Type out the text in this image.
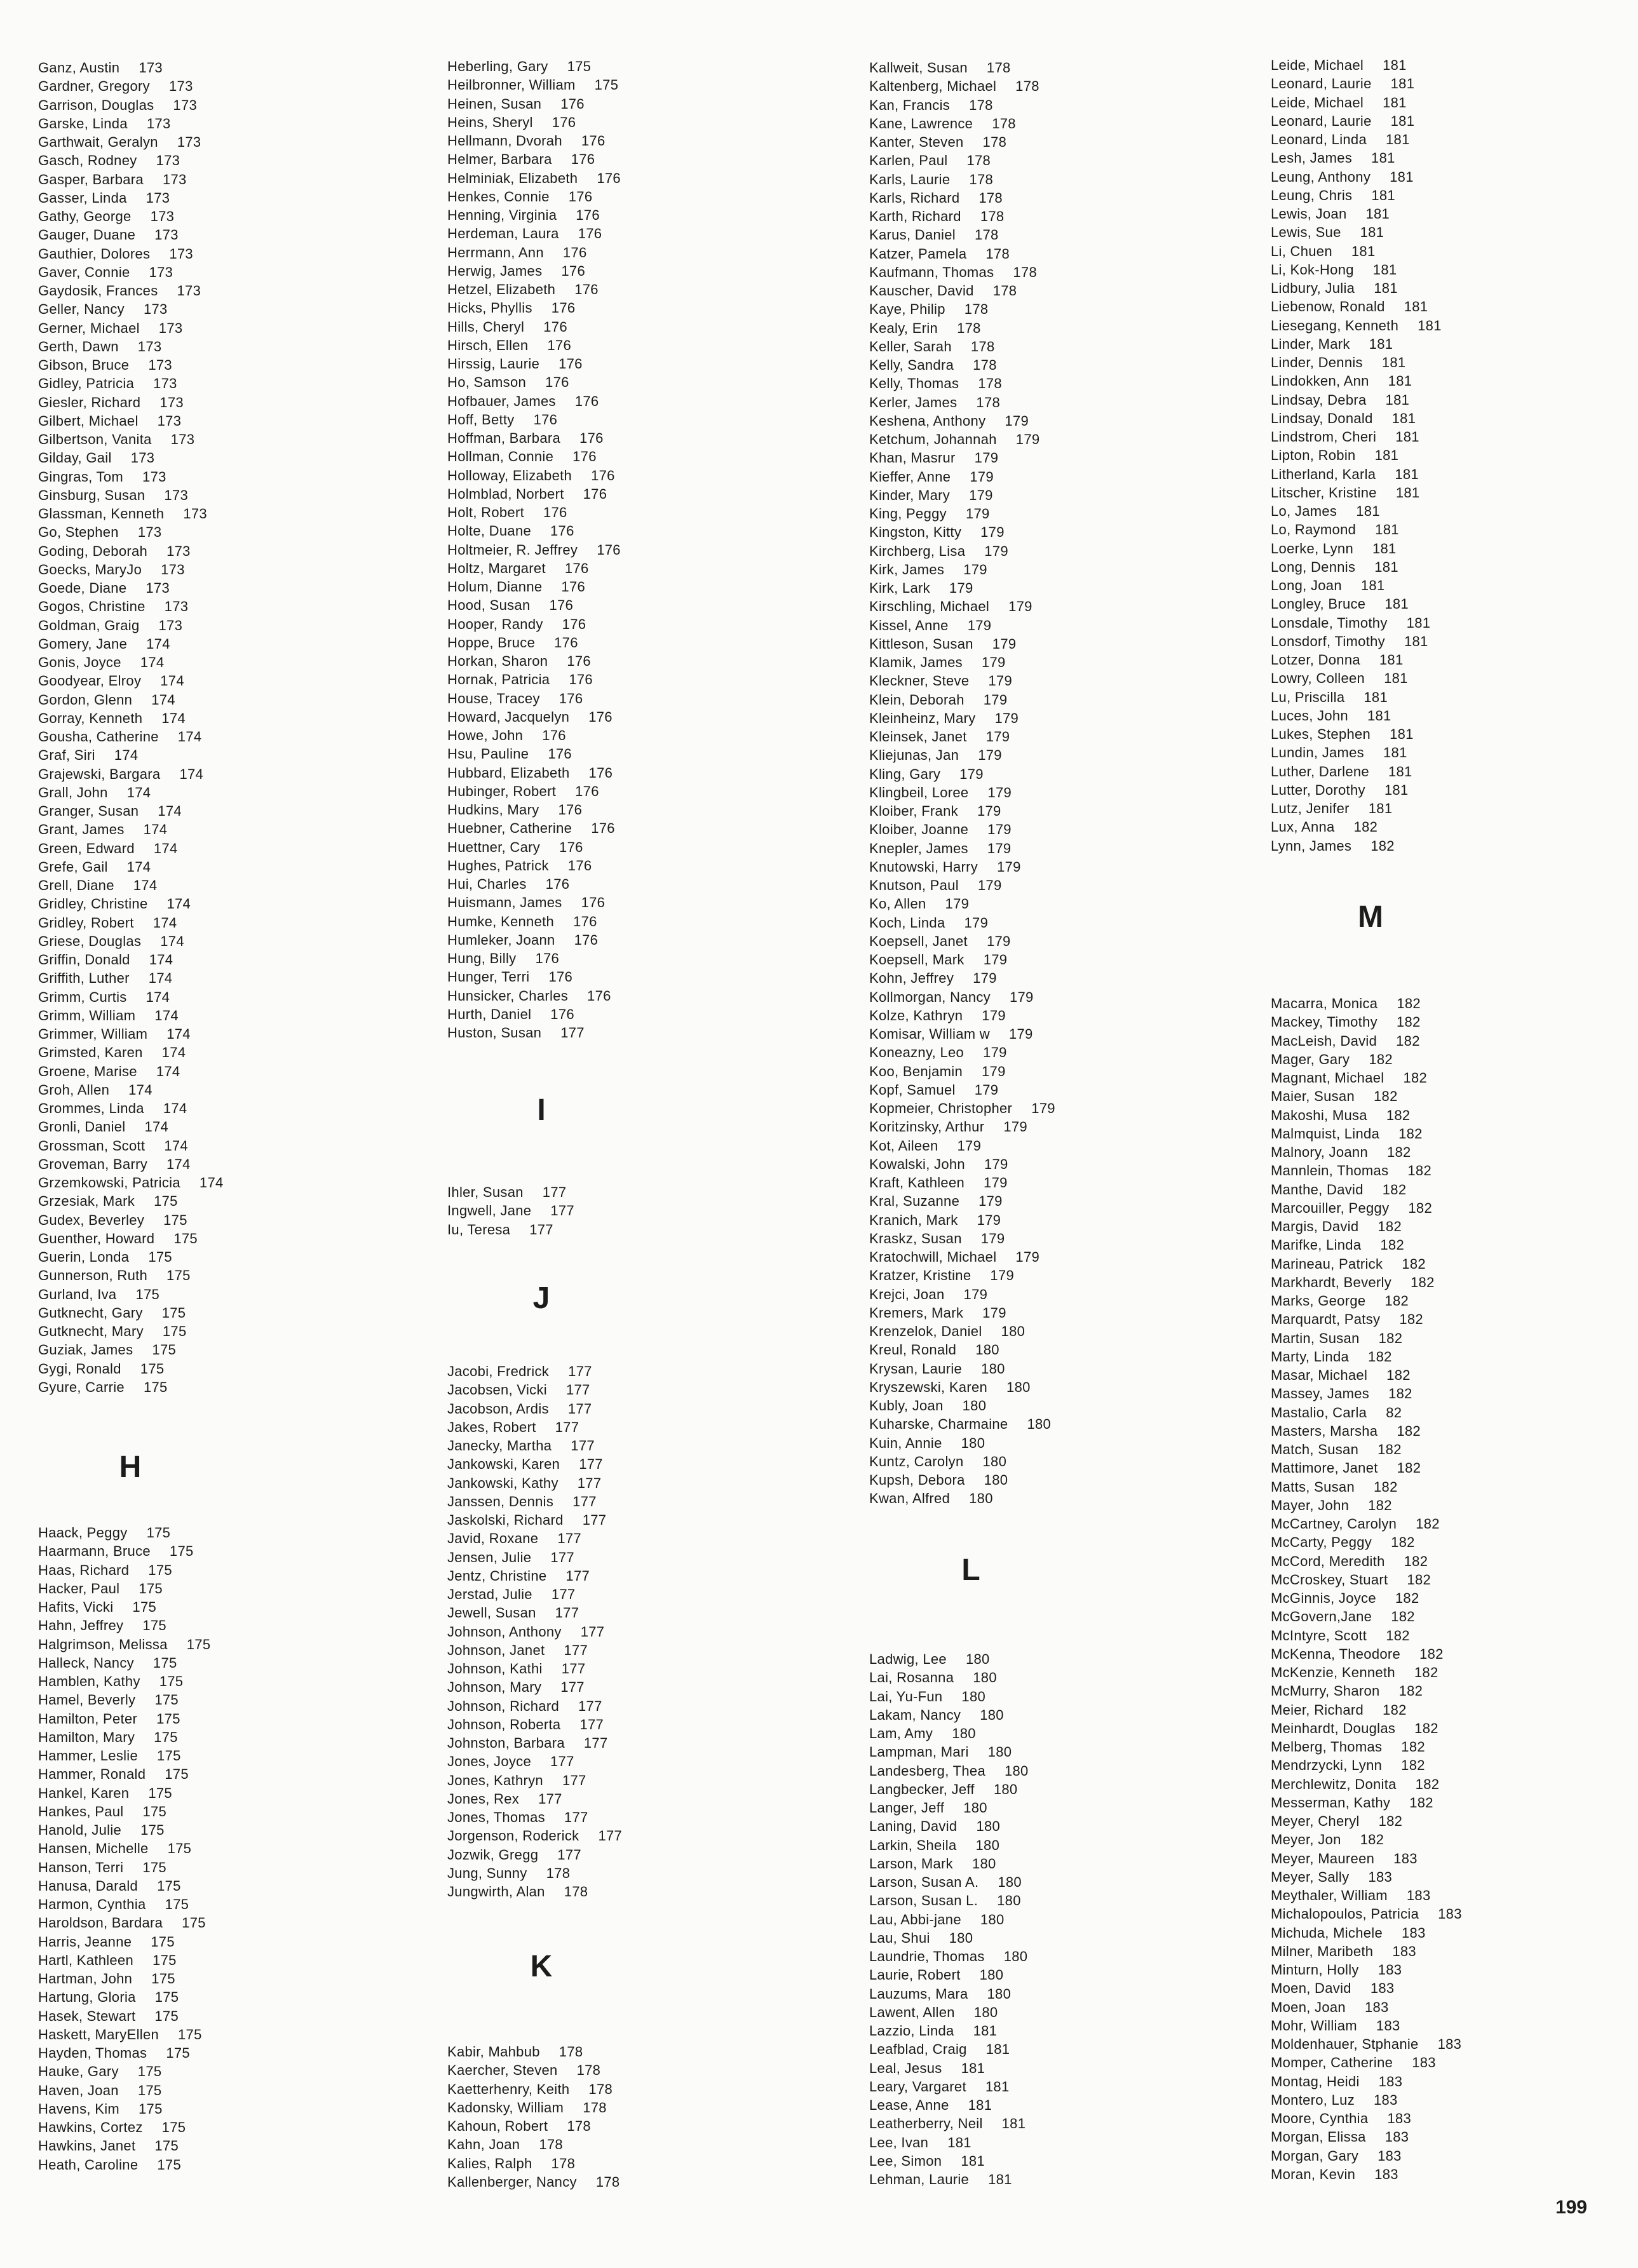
Ganz, Austin 173
Gardner, Gregory 173
Garrison, Douglas 173
Garske, Linda 173
Garthwait, Geralyn 173
Gasch, Rodney 173
Gasper, Barbara 173
Gasser, Linda 173
Gathy, George 173
Gauger, Duane 173
Gauthier, Dolores 173
Gaver, Connie 173
Gaydosik, Frances 173
Geller, Nancy 173
Gerner, Michael 173
Gerth, Dawn 173
Gibson, Bruce 173
Gidley, Patricia 173
Giesler, Richard 173
Gilbert, Michael 173
Gilbertson, Vanita 173
Gilday, Gail 173
Gingras, Tom 173
Ginsburg, Susan 173
Glassman, Kenneth 173
Go, Stephen 173
Goding, Deborah 173
Goecks, MaryJo 173
Goede, Diane 173
Gogos, Christine 173
Goldman, Graig 173
Gomery, Jane 174
Gonis, Joyce 174
Goodyear, Elroy 174
Gordon, Glenn 174
Gorray, Kenneth 174
Gousha, Catherine 174
Graf, Siri 174
Grajewski, Bargara 174
Grall, John 174
Granger, Susan 174
Grant, James 174
Green, Edward 174
Grefe, Gail 174
Grell, Diane 174
Gridley, Christine 174
Gridley, Robert 174
Griese, Douglas 174
Griffin, Donald 174
Griffith, Luther 174
Grimm, Curtis 174
Grimm, William 174
Grimmer, William 174
Grimsted, Karen 174
Groene, Marise 174
Groh, Allen 174
Grommes, Linda 174
Gronli, Daniel 174
Grossman, Scott 174
Groveman, Barry 174
Grzemkowski, Patricia 174
Grzesiak, Mark 175
Gudex, Beverley 175
Guenther, Howard 175
Guerin, Londa 175
Gunnerson, Ruth 175
Gurland, Iva 175
Gutknecht, Gary 175
Gutknecht, Mary 175
Guziak, James 175
Gygi, Ronald 175
Gyure, Carrie 175
Haack, Peggy 175
Haarmann, Bruce 175
Haas, Richard 175
Hacker, Paul 175
Hafits, Vicki 175
Hahn, Jeffrey 175
Halgrimson, Melissa 175
Halleck, Nancy 175
Hamblen, Kathy 175
Hamel, Beverly 175
Hamilton, Peter 175
Hamilton, Mary 175
Hammer, Leslie 175
Hammer, Ronald 175
Hankel, Karen 175
Hankes, Paul 175
Hanold, Julie 175
Hansen, Michelle 175
Hanson, Terri 175
Hanusa, Darald 175
Harmon, Cynthia 175
Haroldson, Bardara 175
Harris, Jeanne 175
Hartl, Kathleen 175
Hartman, John 175
Hartung, Gloria 175
Hasek, Stewart 175
Haskett, MaryEllen 175
Hayden, Thomas 175
Hauke, Gary 175
Haven, Joan 175
Havens, Kim 175
Hawkins, Cortez 175
Hawkins, Janet 175
Heath, Caroline 175
H
Heberling, Gary 175
Heilbronner, William 175
Heinen, Susan 176
Heins, Sheryl 176
Hellmann, Dvorah 176
Helmer, Barbara 176
Helminiak, Elizabeth 176
Henkes, Connie 176
Henning, Virginia 176
Herdeman, Laura 176
Herrmann, Ann 176
Herwig, James 176
Hetzel, Elizabeth 176
Hicks, Phyllis 176
Hills, Cheryl 176
Hirsch, Ellen 176
Hirssig, Laurie 176
Ho, Samson 176
Hofbauer, James 176
Hoff, Betty 176
Hoffman, Barbara 176
Hollman, Connie 176
Holloway, Elizabeth 176
Holmblad, Norbert 176
Holt, Robert 176
Holte, Duane 176
Holtmeier, R. Jeffrey 176
Holtz, Margaret 176
Holum, Dianne 176
Hood, Susan 176
Hooper, Randy 176
Hoppe, Bruce 176
Horkan, Sharon 176
Hornak, Patricia 176
House, Tracey 176
Howard, Jacquelyn 176
Howe, John 176
Hsu, Pauline 176
Hubbard, Elizabeth 176
Hubinger, Robert 176
Hudkins, Mary 176
Huebner, Catherine 176
Huettner, Cary 176
Hughes, Patrick 176
Hui, Charles 176
Huismann, James 176
Humke, Kenneth 176
Humleker, Joann 176
Hung, Billy 176
Hunger, Terri 176
Hunsicker, Charles 176
Hurth, Daniel 176
Huston, Susan 177
Ihler, Susan 177
Ingwell, Jane 177
Iu, Teresa 177
Jacobi, Fredrick 177
Jacobsen, Vicki 177
Jacobson, Ardis 177
Jakes, Robert 177
Janecky, Martha 177
Jankowski, Karen 177
Jankowski, Kathy 177
Janssen, Dennis 177
Jaskolski, Richard 177
Javid, Roxane 177
Jensen, Julie 177
Jentz, Christine 177
Jerstad, Julie 177
Jewell, Susan 177
Johnson, Anthony 177
Johnson, Janet 177
Johnson, Kathi 177
Johnson, Mary 177
Johnson, Richard 177
Johnson, Roberta 177
Johnston, Barbara 177
Jones, Joyce 177
Jones, Kathryn 177
Jones, Rex 177
Jones, Thomas 177
Jorgenson, Roderick 177
Jozwik, Gregg 177
Jung, Sunny 178
Jungwirth, Alan 178
Kabir, Mahbub 178
Kaercher, Steven 178
Kaetterhenry, Keith 178
Kadonsky, William 178
Kahoun, Robert 178
Kahn, Joan 178
Kalies, Ralph 178
Kallenberger, Nancy 178
I
J
K
Kallweit, Susan 178
Kaltenberg, Michael 178
Kan, Francis 178
Kane, Lawrence 178
Kanter, Steven 178
Karlen, Paul 178
Karls, Laurie 178
Karls, Richard 178
Karth, Richard 178
Karus, Daniel 178
Katzer, Pamela 178
Kaufmann, Thomas 178
Kauscher, David 178
Kaye, Philip 178
Kealy, Erin 178
Keller, Sarah 178
Kelly, Sandra 178
Kelly, Thomas 178
Kerler, James 178
Keshena, Anthony 179
Ketchum, Johannah 179
Khan, Masrur 179
Kieffer, Anne 179
Kinder, Mary 179
King, Peggy 179
Kingston, Kitty 179
Kirchberg, Lisa 179
Kirk, James 179
Kirk, Lark 179
Kirschling, Michael 179
Kissel, Anne 179
Kittleson, Susan 179
Klamik, James 179
Kleckner, Steve 179
Klein, Deborah 179
Kleinheinz, Mary 179
Kleinsek, Janet 179
Kliejunas, Jan 179
Kling, Gary 179
Klingbeil, Loree 179
Kloiber, Frank 179
Kloiber, Joanne 179
Knepler, James 179
Knutowski, Harry 179
Knutson, Paul 179
Ko, Allen 179
Koch, Linda 179
Koepsell, Janet 179
Koepsell, Mark 179
Kohn, Jeffrey 179
Kollmorgan, Nancy 179
Kolze, Kathryn 179
Komisar, William w 179
Koneazny, Leo 179
Koo, Benjamin 179
Kopf, Samuel 179
Kopmeier, Christopher 179
Koritzinsky, Arthur 179
Kot, Aileen 179
Kowalski, John 179
Kraft, Kathleen 179
Kral, Suzanne 179
Kranich, Mark 179
Kraskz, Susan 179
Kratochwill, Michael 179
Kratzer, Kristine 179
Krejci, Joan 179
Kremers, Mark 179
Krenzelok, Daniel 180
Kreul, Ronald 180
Krysan, Laurie 180
Kryszewski, Karen 180
Kubly, Joan 180
Kuharske, Charmaine 180
Kuin, Annie 180
Kuntz, Carolyn 180
Kupsh, Debora 180
Kwan, Alfred 180
Ladwig, Lee 180
Lai, Rosanna 180
Lai, Yu-Fun 180
Lakam, Nancy 180
Lam, Amy 180
Lampman, Mari 180
Landesberg, Thea 180
Langbecker, Jeff 180
Langer, Jeff 180
Laning, David 180
Larkin, Sheila 180
Larson, Mark 180
Larson, Susan A. 180
Larson, Susan L. 180
Lau, Abbi-jane 180
Lau, Shui 180
Laundrie, Thomas 180
Laurie, Robert 180
Lauzums, Mara 180
Lawent, Allen 180
Lazzio, Linda 181
Leafblad, Craig 181
Leal, Jesus 181
Leary, Vargaret 181
Lease, Anne 181
Leatherberry, Neil 181
Lee, Ivan 181
Lee, Simon 181
Lehman, Laurie 181
L
Leide, Michael 181
Leonard, Laurie 181
Leide, Michael 181
Leonard, Laurie 181
Leonard, Linda 181
Lesh, James 181
Leung, Anthony 181
Leung, Chris 181
Lewis, Joan 181
Lewis, Sue 181
Li, Chuen 181
Li, Kok-Hong 181
Lidbury, Julia 181
Liebenow, Ronald 181
Liesegang, Kenneth 181
Linder, Mark 181
Linder, Dennis 181
Lindokken, Ann 181
Lindsay, Debra 181
Lindsay, Donald 181
Lindstrom, Cheri 181
Lipton, Robin 181
Litherland, Karla 181
Litscher, Kristine 181
Lo, James 181
Lo, Raymond 181
Loerke, Lynn 181
Long, Dennis 181
Long, Joan 181
Longley, Bruce 181
Lonsdale, Timothy 181
Lonsdorf, Timothy 181
Lotzer, Donna 181
Lowry, Colleen 181
Lu, Priscilla 181
Luces, John 181
Lukes, Stephen 181
Lundin, James 181
Luther, Darlene 181
Lutter, Dorothy 181
Lutz, Jenifer 181
Lux, Anna 182
Lynn, James 182
Macarra, Monica 182
Mackey, Timothy 182
MacLeish, David 182
Mager, Gary 182
Magnant, Michael 182
Maier, Susan 182
Makoshi, Musa 182
Malmquist, Linda 182
Malnory, Joann 182
Mannlein, Thomas 182
Manthe, David 182
Marcouiller, Peggy 182
Margis, David 182
Marifke, Linda 182
Marineau, Patrick 182
Markhardt, Beverly 182
Marks, George 182
Marquardt, Patsy 182
Martin, Susan 182
Marty, Linda 182
Masar, Michael 182
Massey, James 182
Mastalio, Carla 82
Masters, Marsha 182
Match, Susan 182
Mattimore, Janet 182
Matts, Susan 182
Mayer, John 182
McCartney, Carolyn 182
McCarty, Peggy 182
McCord, Meredith 182
McCroskey, Stuart 182
McGinnis, Joyce 182
McGovern,Jane 182
McIntyre, Scott 182
McKenna, Theodore 182
McKenzie, Kenneth 182
McMurry, Sharon 182
Meier, Richard 182
Meinhardt, Douglas 182
Melberg, Thomas 182
Mendrzycki, Lynn 182
Merchlewitz, Donita 182
Messerman, Kathy 182
Meyer, Cheryl 182
Meyer, Jon 182
Meyer, Maureen 183
Meyer, Sally 183
Meythaler, William 183
Michalopoulos, Patricia 183
Michuda, Michele 183
Milner, Maribeth 183
Minturn, Holly 183
Moen, David 183
Moen, Joan 183
Mohr, William 183
Moldenhauer, Stphanie 183
Momper, Catherine 183
Montag, Heidi 183
Montero, Luz 183
Moore, Cynthia 183
Morgan, Elissa 183
Morgan, Gary 183
Moran, Kevin 183
M
199
